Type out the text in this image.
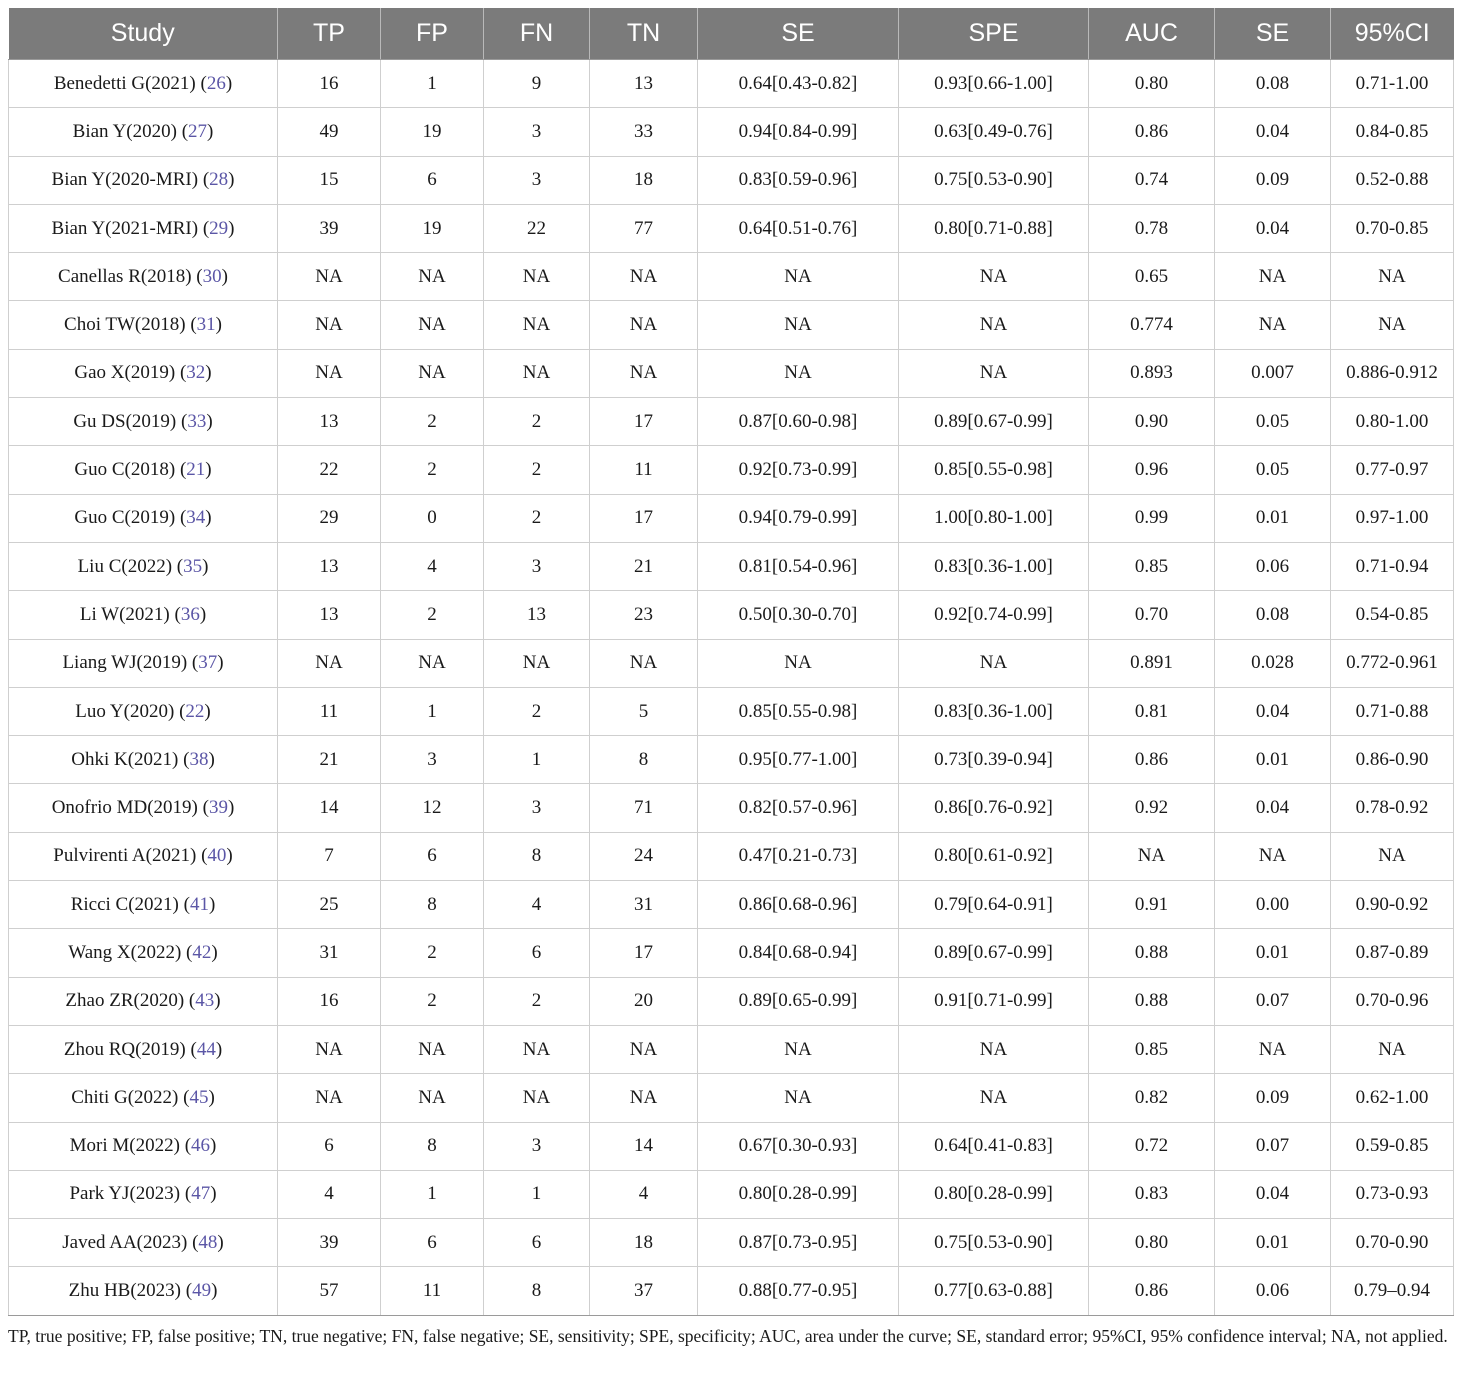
Study	TP	FP	FN	TN	SE	SPE	AUC	SE	95%CI
Benedetti G(2021) (26)	16	1	9	13	0.64[0.43-0.82]	0.93[0.66-1.00]	0.80	0.08	0.71-1.00
Bian Y(2020) (27)	49	19	3	33	0.94[0.84-0.99]	0.63[0.49-0.76]	0.86	0.04	0.84-0.85
Bian Y(2020-MRI) (28)	15	6	3	18	0.83[0.59-0.96]	0.75[0.53-0.90]	0.74	0.09	0.52-0.88
Bian Y(2021-MRI) (29)	39	19	22	77	0.64[0.51-0.76]	0.80[0.71-0.88]	0.78	0.04	0.70-0.85
Canellas R(2018) (30)	NA	NA	NA	NA	NA	NA	0.65	NA	NA
Choi TW(2018) (31)	NA	NA	NA	NA	NA	NA	0.774	NA	NA
Gao X(2019) (32)	NA	NA	NA	NA	NA	NA	0.893	0.007	0.886-0.912
Gu DS(2019) (33)	13	2	2	17	0.87[0.60-0.98]	0.89[0.67-0.99]	0.90	0.05	0.80-1.00
Guo C(2018) (21)	22	2	2	11	0.92[0.73-0.99]	0.85[0.55-0.98]	0.96	0.05	0.77-0.97
Guo C(2019) (34)	29	0	2	17	0.94[0.79-0.99]	1.00[0.80-1.00]	0.99	0.01	0.97-1.00
Liu C(2022) (35)	13	4	3	21	0.81[0.54-0.96]	0.83[0.36-1.00]	0.85	0.06	0.71-0.94
Li W(2021) (36)	13	2	13	23	0.50[0.30-0.70]	0.92[0.74-0.99]	0.70	0.08	0.54-0.85
Liang WJ(2019) (37)	NA	NA	NA	NA	NA	NA	0.891	0.028	0.772-0.961
Luo Y(2020) (22)	11	1	2	5	0.85[0.55-0.98]	0.83[0.36-1.00]	0.81	0.04	0.71-0.88
Ohki K(2021) (38)	21	3	1	8	0.95[0.77-1.00]	0.73[0.39-0.94]	0.86	0.01	0.86-0.90
Onofrio MD(2019) (39)	14	12	3	71	0.82[0.57-0.96]	0.86[0.76-0.92]	0.92	0.04	0.78-0.92
Pulvirenti A(2021) (40)	7	6	8	24	0.47[0.21-0.73]	0.80[0.61-0.92]	NA	NA	NA
Ricci C(2021) (41)	25	8	4	31	0.86[0.68-0.96]	0.79[0.64-0.91]	0.91	0.00	0.90-0.92
Wang X(2022) (42)	31	2	6	17	0.84[0.68-0.94]	0.89[0.67-0.99]	0.88	0.01	0.87-0.89
Zhao ZR(2020) (43)	16	2	2	20	0.89[0.65-0.99]	0.91[0.71-0.99]	0.88	0.07	0.70-0.96
Zhou RQ(2019) (44)	NA	NA	NA	NA	NA	NA	0.85	NA	NA
Chiti G(2022) (45)	NA	NA	NA	NA	NA	NA	0.82	0.09	0.62-1.00
Mori M(2022) (46)	6	8	3	14	0.67[0.30-0.93]	0.64[0.41-0.83]	0.72	0.07	0.59-0.85
Park YJ(2023) (47)	4	1	1	4	0.80[0.28-0.99]	0.80[0.28-0.99]	0.83	0.04	0.73-0.93
Javed AA(2023) (48)	39	6	6	18	0.87[0.73-0.95]	0.75[0.53-0.90]	0.80	0.01	0.70-0.90
Zhu HB(2023) (49)	57	11	8	37	0.88[0.77-0.95]	0.77[0.63-0.88]	0.86	0.06	0.79–0.94
TP, true positive; FP, false positive; TN, true negative; FN, false negative; SE, sensitivity; SPE, specificity; AUC, area under the curve; SE, standard error; 95%CI, 95% confidence interval; NA, not applied.
